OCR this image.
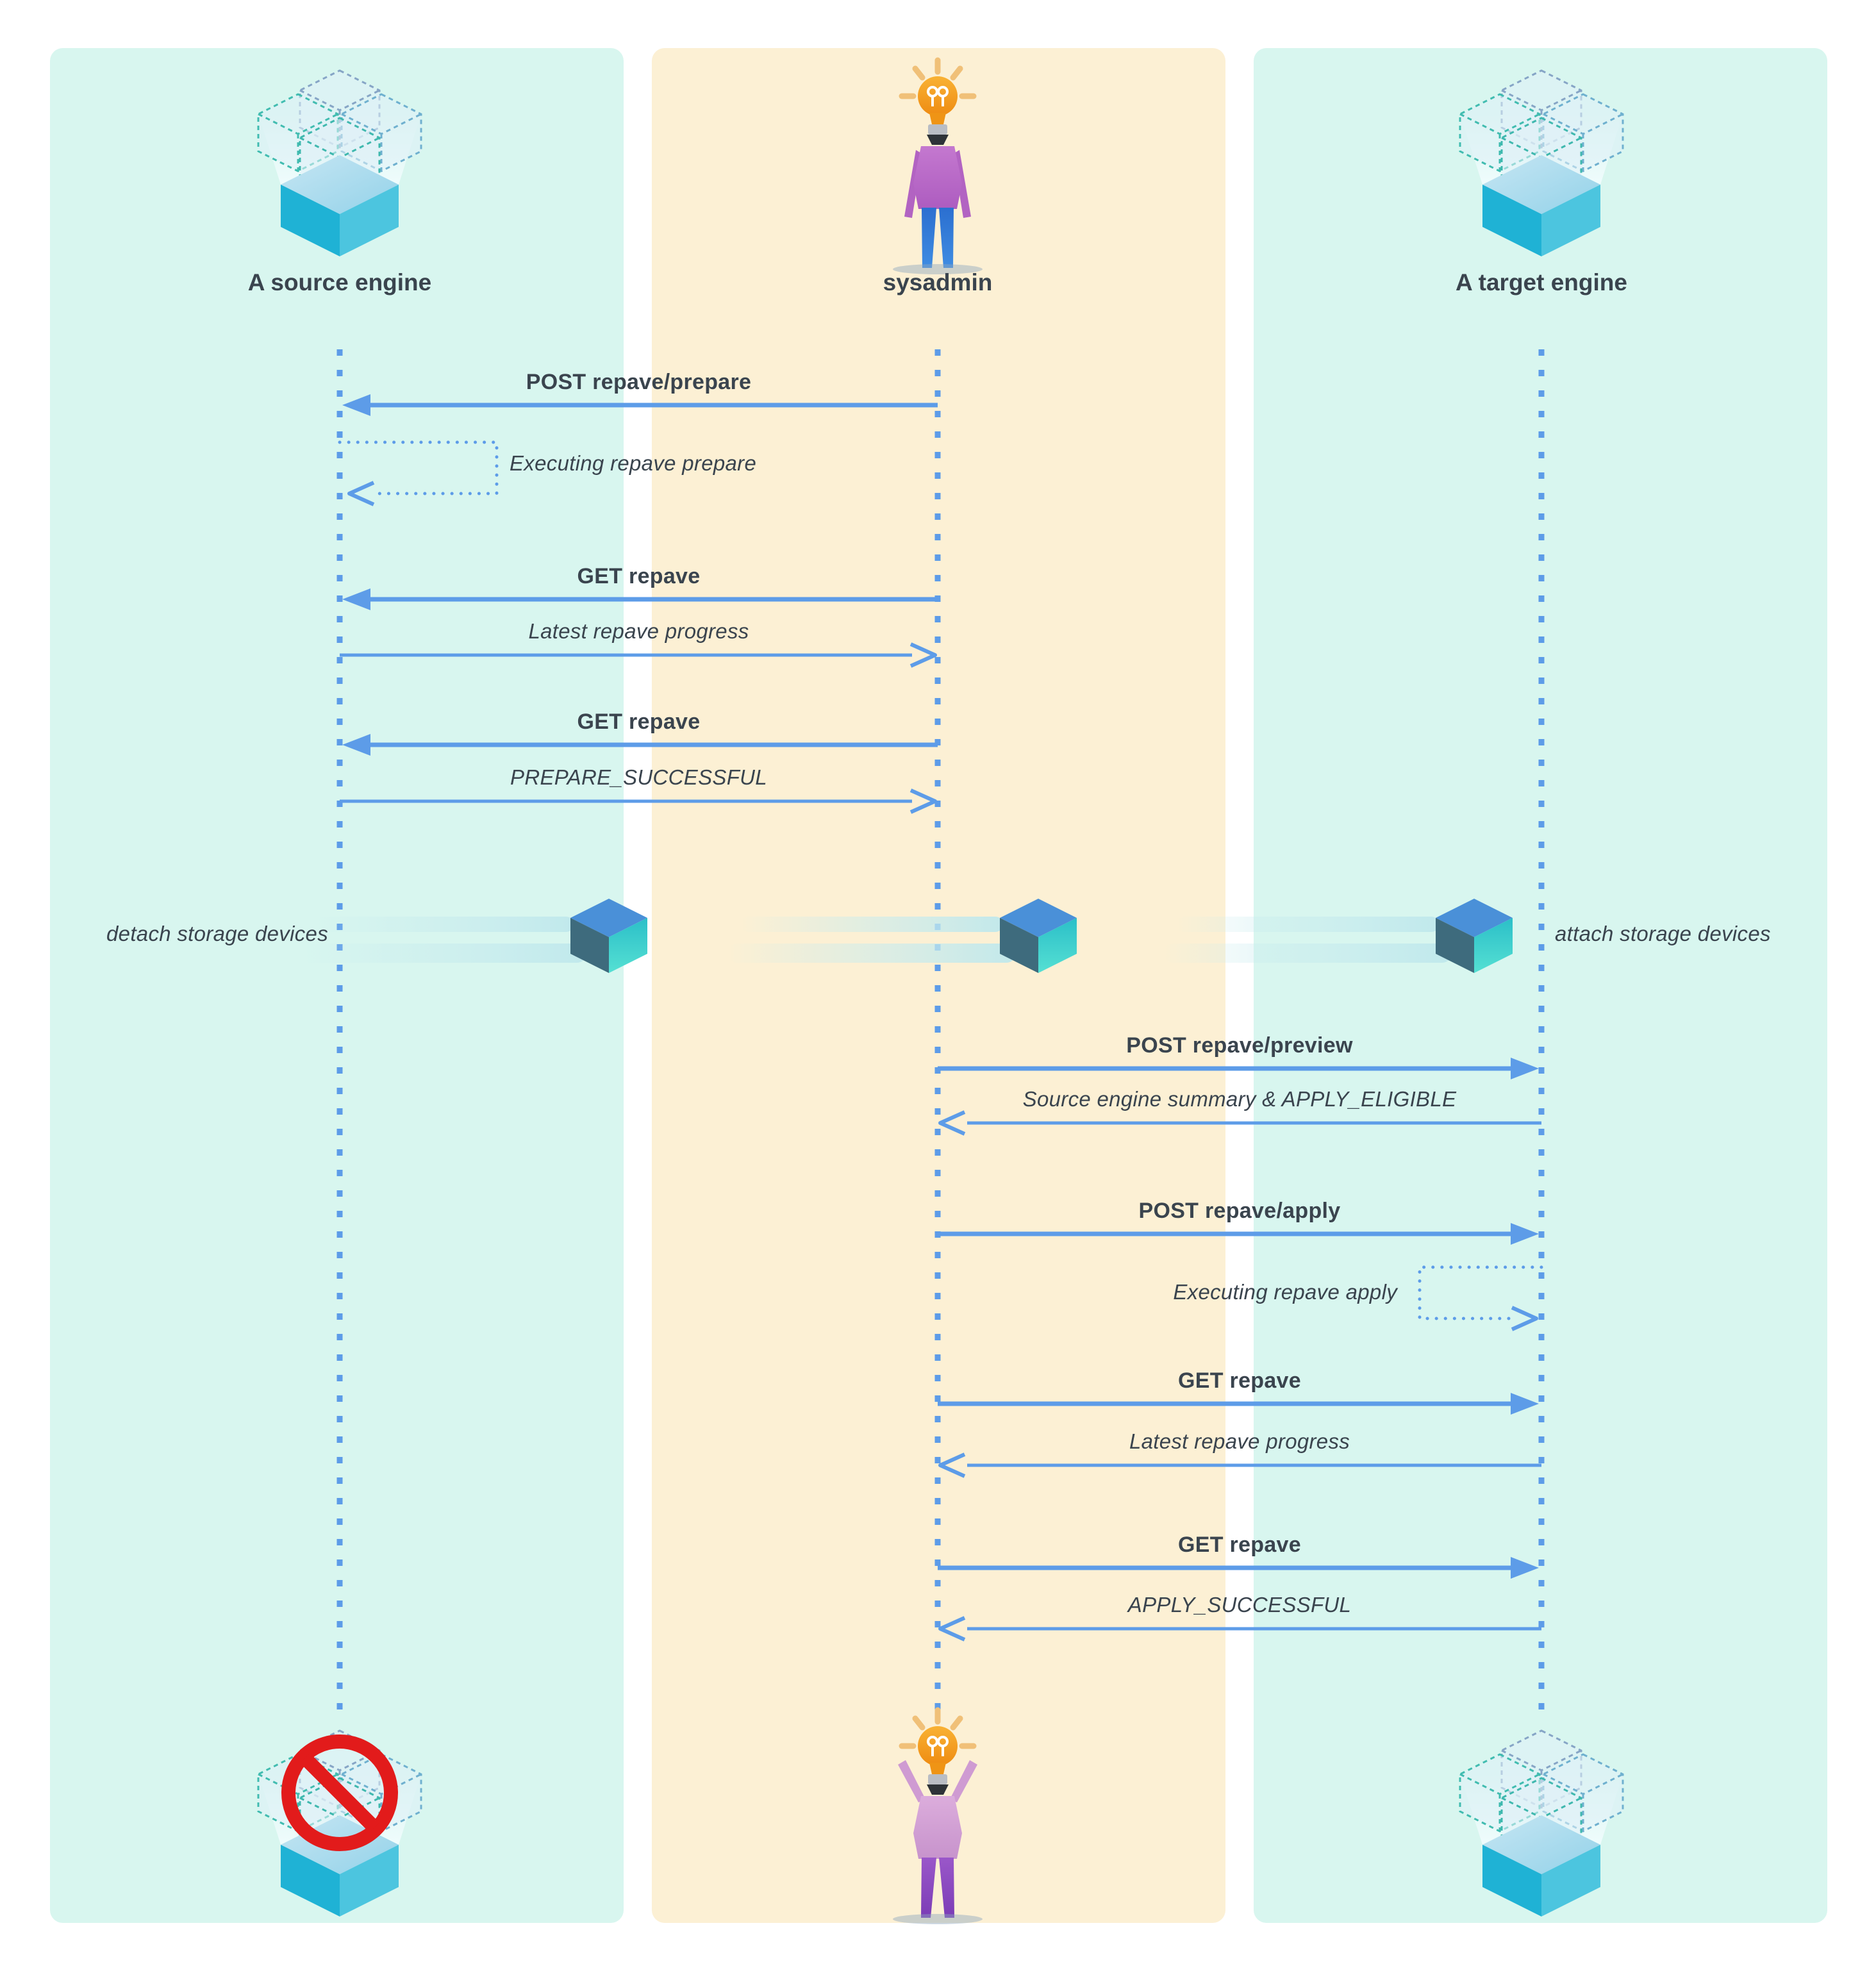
A source engine	sysadmin	A target engine
POST repave/prepare
Executing repave prepare
GET repave
Latest repave progress
GET repave
PREPARE_SUCCESSFUL
detach storage devices	attach storage devices
POST repave/preview
Source engine summary & APPLY_ELIGIBLE
POST repave/apply
Executing repave apply
GET repave
Latest repave progress
GET repave
APPLY_SUCCESSFUL
